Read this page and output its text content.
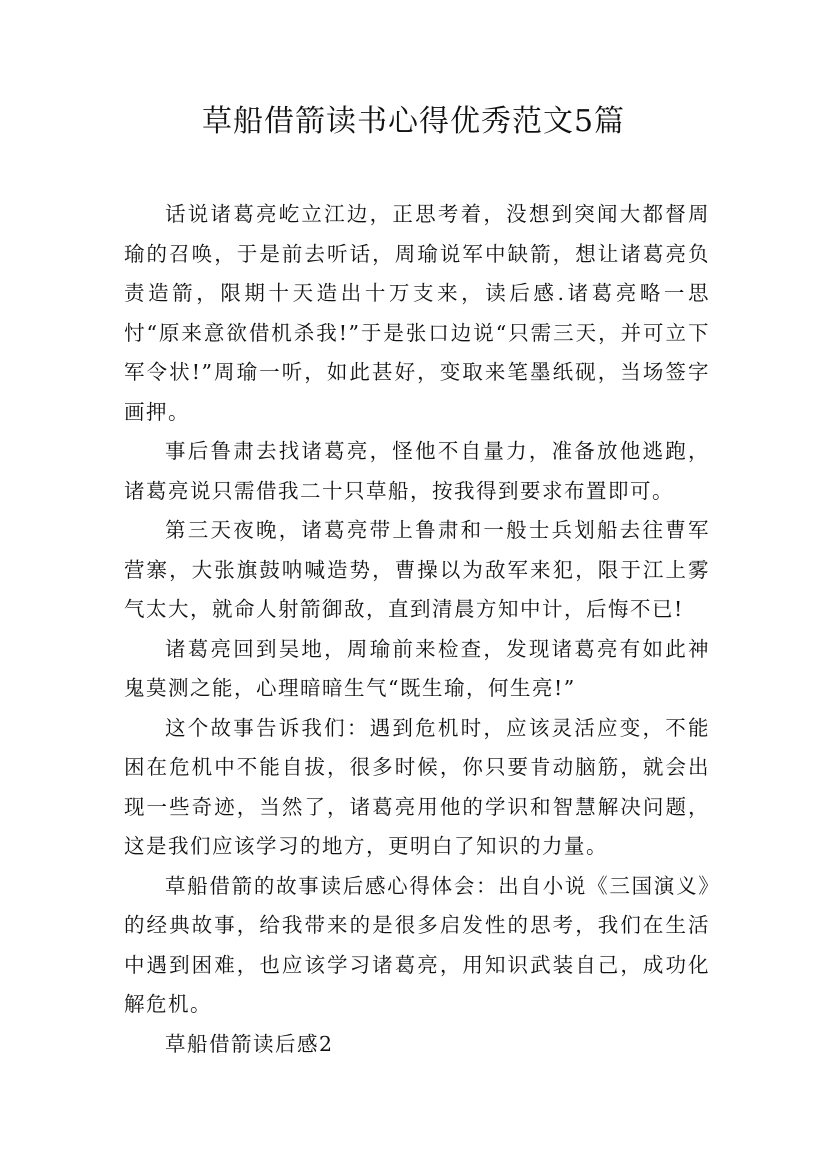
草船借箭读书心得优秀范文5篇

话说诸葛亮屹立江边，正思考着，没想到突闻大都督周瑜的召唤，于是前去听话，周瑜说军中缺箭，想让诸葛亮负责造箭，限期十天造出十万支来，读后感.诸葛亮略一思忖“原来意欲借机杀我!”于是张口边说“只需三天，并可立下军令状!”周瑜一听，如此甚好，变取来笔墨纸砚，当场签字画押。

事后鲁肃去找诸葛亮，怪他不自量力，准备放他逃跑，诸葛亮说只需借我二十只草船，按我得到要求布置即可。

第三天夜晚，诸葛亮带上鲁肃和一般士兵划船去往曹军营寨，大张旗鼓呐喊造势，曹操以为敌军来犯，限于江上雾气太大，就命人射箭御敌，直到清晨方知中计，后悔不已!

诸葛亮回到吴地，周瑜前来检查，发现诸葛亮有如此神鬼莫测之能，心理暗暗生气“既生瑜，何生亮!”

这个故事告诉我们：遇到危机时，应该灵活应变，不能困在危机中不能自拔，很多时候，你只要肯动脑筋，就会出现一些奇迹，当然了，诸葛亮用他的学识和智慧解决问题，这是我们应该学习的地方，更明白了知识的力量。

草船借箭的故事读后感心得体会：出自小说《三国演义》的经典故事，给我带来的是很多启发性的思考，我们在生活中遇到困难，也应该学习诸葛亮，用知识武装自己，成功化解危机。

草船借箭读后感2
